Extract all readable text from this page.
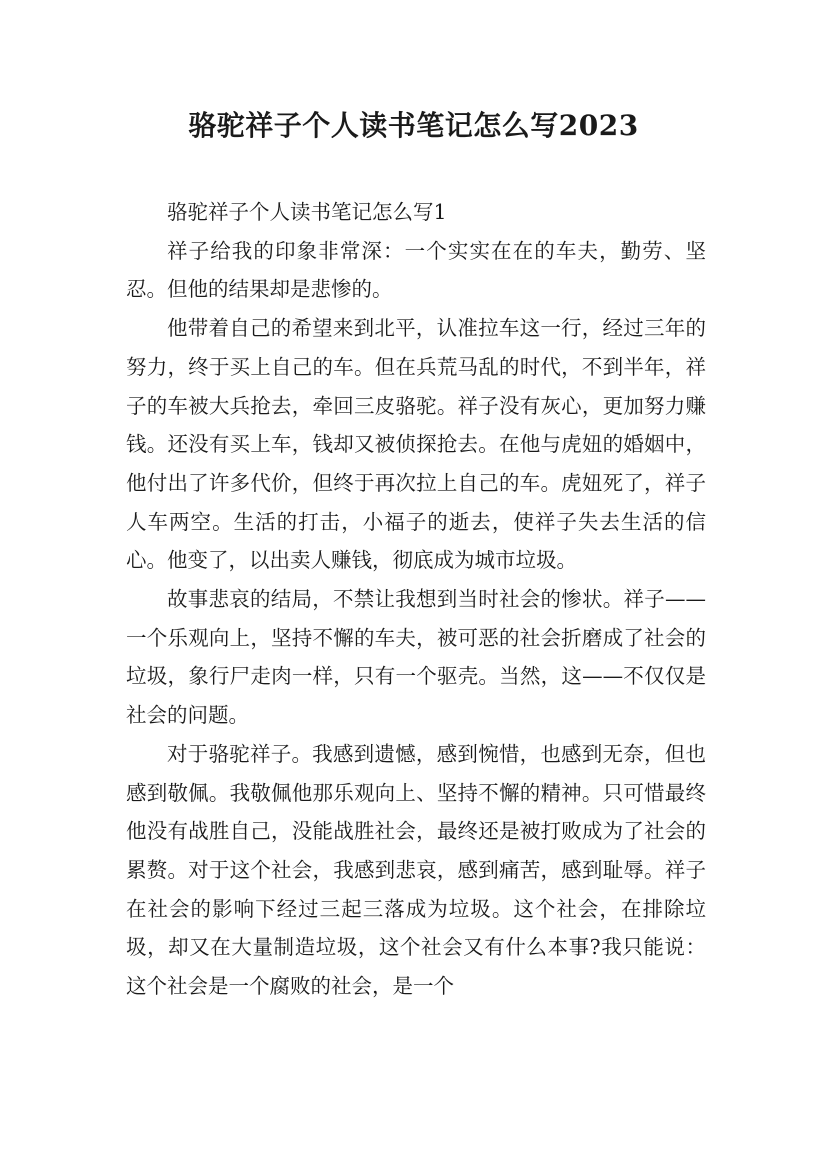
骆驼祥子个人读书笔记怎么写2023

骆驼祥子个人读书笔记怎么写1

祥子给我的印象非常深：一个实实在在的车夫，勤劳、坚忍。但他的结果却是悲惨的。

他带着自己的希望来到北平，认准拉车这一行，经过三年的努力，终于买上自己的车。但在兵荒马乱的时代，不到半年，祥子的车被大兵抢去，牵回三皮骆驼。祥子没有灰心，更加努力赚钱。还没有买上车，钱却又被侦探抢去。在他与虎妞的婚姻中，他付出了许多代价，但终于再次拉上自己的车。虎妞死了，祥子人车两空。生活的打击，小福子的逝去，使祥子失去生活的信心。他变了，以出卖人赚钱，彻底成为城市垃圾。

故事悲哀的结局，不禁让我想到当时社会的惨状。祥子——一个乐观向上，坚持不懈的车夫，被可恶的社会折磨成了社会的垃圾，象行尸走肉一样，只有一个驱壳。当然，这——不仅仅是社会的问题。

对于骆驼祥子。我感到遗憾，感到惋惜，也感到无奈，但也感到敬佩。我敬佩他那乐观向上、坚持不懈的精神。只可惜最终他没有战胜自己，没能战胜社会，最终还是被打败成为了社会的累赘。对于这个社会，我感到悲哀，感到痛苦，感到耻辱。祥子在社会的影响下经过三起三落成为垃圾。这个社会，在排除垃圾，却又在大量制造垃圾，这个社会又有什么本事?我只能说：这个社会是一个腐败的社会，是一个
